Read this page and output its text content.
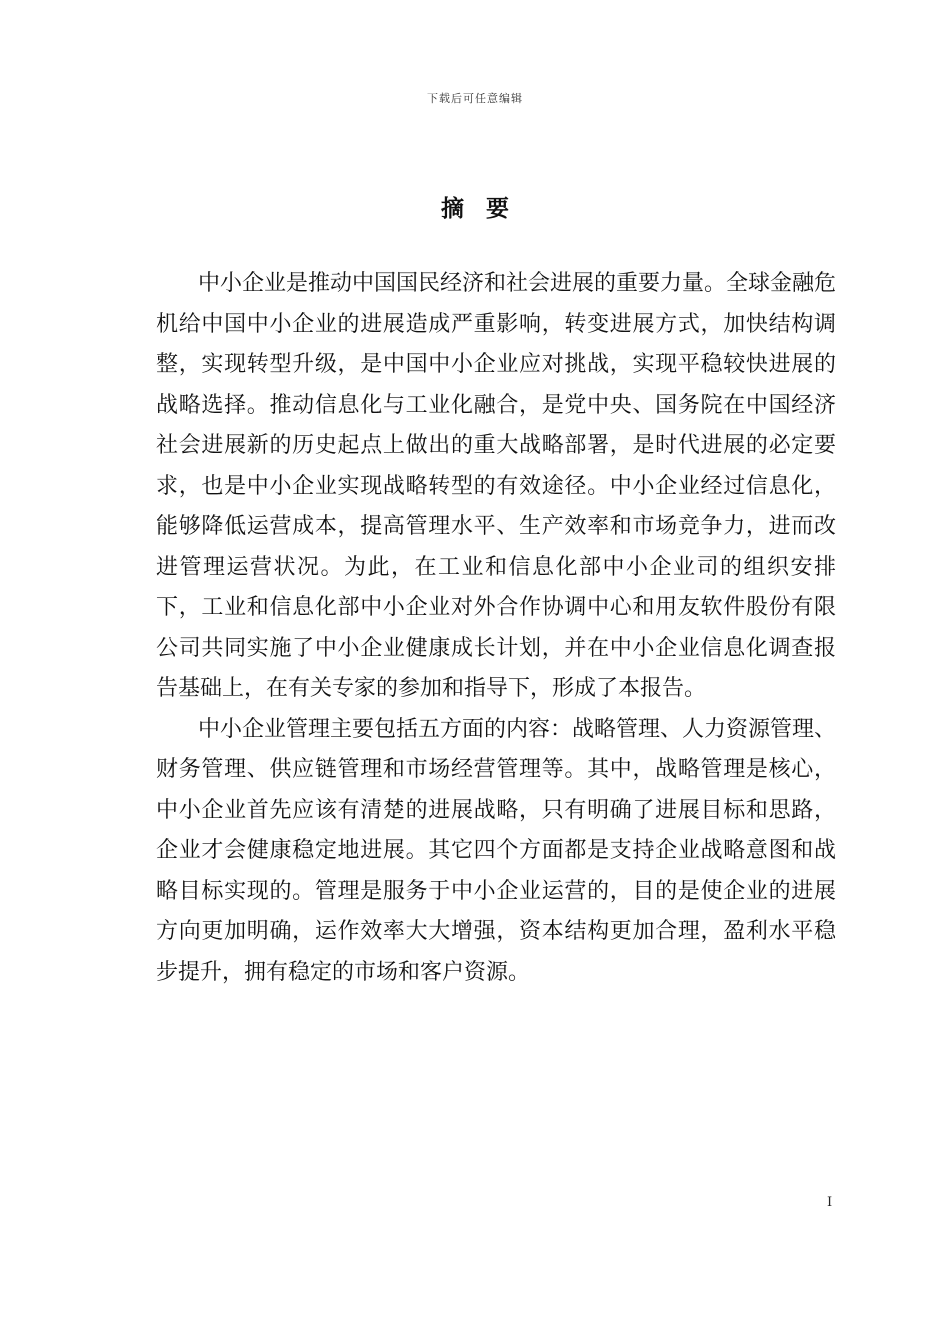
下载后可任意编辑
摘要

中小企业是推动中国国民经济和社会进展的重要力量。全球金融危机给中国中小企业的进展造成严重影响，转变进展方式，加快结构调整，实现转型升级，是中国中小企业应对挑战，实现平稳较快进展的战略选择。推动信息化与工业化融合，是党中央、国务院在中国经济社会进展新的历史起点上做出的重大战略部署，是时代进展的必定要求，也是中小企业实现战略转型的有效途径。中小企业经过信息化，能够降低运营成本，提高管理水平、生产效率和市场竞争力，进而改进管理运营状况。为此，在工业和信息化部中小企业司的组织安排下，工业和信息化部中小企业对外合作协调中心和用友软件股份有限公司共同实施了中小企业健康成长计划，并在中小企业信息化调查报告基础上，在有关专家的参加和指导下，形成了本报告。

中小企业管理主要包括五方面的内容：战略管理、人力资源管理、财务管理、供应链管理和市场经营管理等。其中，战略管理是核心，中小企业首先应该有清楚的进展战略，只有明确了进展目标和思路，企业才会健康稳定地进展。其它四个方面都是支持企业战略意图和战略目标实现的。管理是服务于中小企业运营的，目的是使企业的进展方向更加明确，运作效率大大增强，资本结构更加合理，盈利水平稳步提升，拥有稳定的市场和客户资源。

I
